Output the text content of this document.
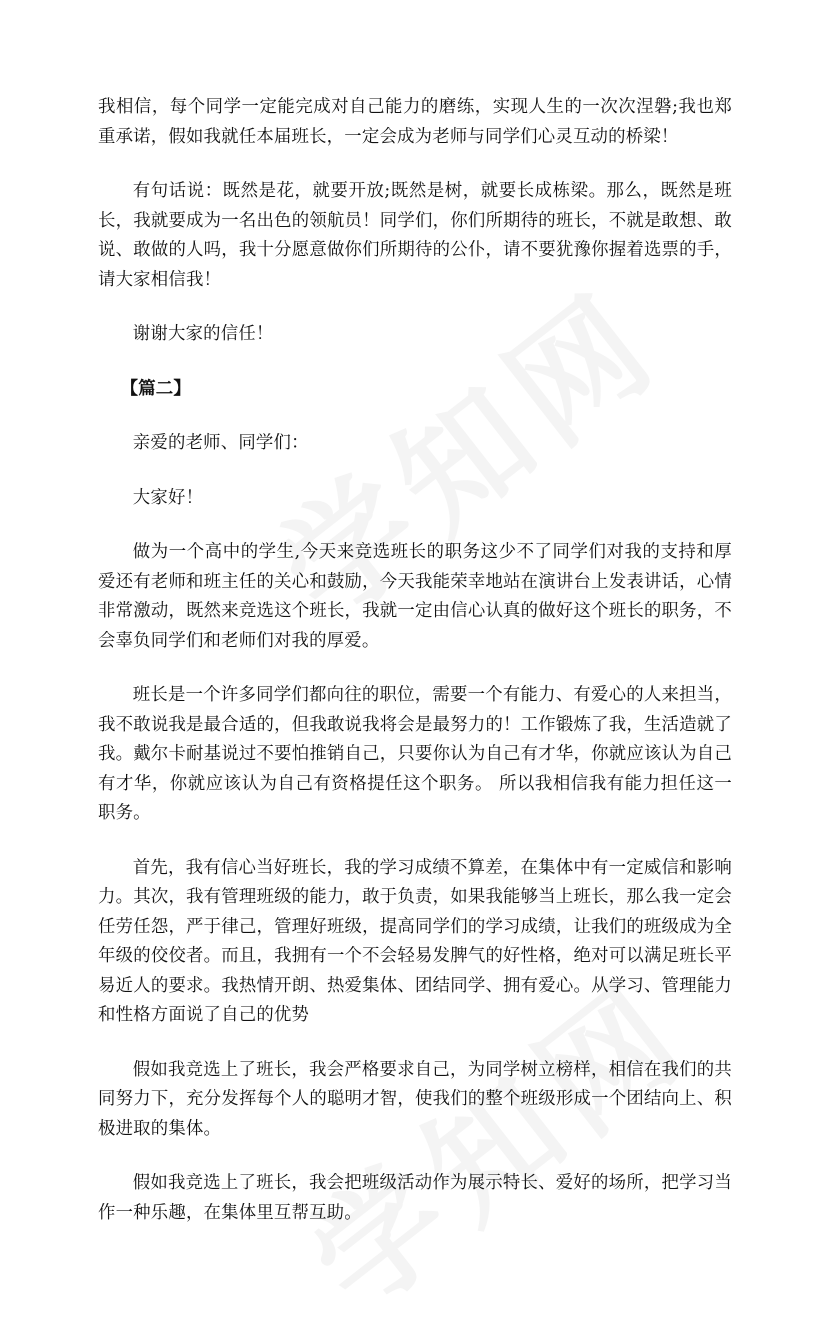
我相信，每个同学一定能完成对自己能力的磨练，实现人生的一次次涅磐;我也郑重承诺，假如我就任本届班长，一定会成为老师与同学们心灵互动的桥梁！

有句话说：既然是花，就要开放;既然是树，就要长成栋梁。那么，既然是班长，我就要成为一名出色的领航员！同学们，你们所期待的班长，不就是敢想、敢说、敢做的人吗，我十分愿意做你们所期待的公仆，请不要犹豫你握着选票的手，请大家相信我！

谢谢大家的信任！

【篇二】

亲爱的老师、同学们：

大家好！

做为一个高中的学生,今天来竞选班长的职务这少不了同学们对我的支持和厚爱还有老师和班主任的关心和鼓励，今天我能荣幸地站在演讲台上发表讲话，心情非常激动，既然来竞选这个班长，我就一定由信心认真的做好这个班长的职务，不会辜负同学们和老师们对我的厚爱。

班长是一个许多同学们都向往的职位，需要一个有能力、有爱心的人来担当，我不敢说我是最合适的，但我敢说我将会是最努力的！工作锻炼了我，生活造就了我。戴尔卡耐基说过不要怕推销自己，只要你认为自己有才华，你就应该认为自己有才华，你就应该认为自己有资格提任这个职务。 所以我相信我有能力担任这一职务。

首先，我有信心当好班长，我的学习成绩不算差，在集体中有一定威信和影响力。其次，我有管理班级的能力，敢于负责，如果我能够当上班长，那么我一定会任劳任怨，严于律己，管理好班级，提高同学们的学习成绩，让我们的班级成为全年级的佼佼者。而且，我拥有一个不会轻易发脾气的好性格，绝对可以满足班长平易近人的要求。我热情开朗、热爱集体、团结同学、拥有爱心。从学习、管理能力和性格方面说了自己的优势

假如我竞选上了班长，我会严格要求自己，为同学树立榜样，相信在我们的共同努力下，充分发挥每个人的聪明才智，使我们的整个班级形成一个团结向上、积极进取的集体。

假如我竞选上了班长，我会把班级活动作为展示特长、爱好的场所，把学习当作一种乐趣，在集体里互帮互助。
